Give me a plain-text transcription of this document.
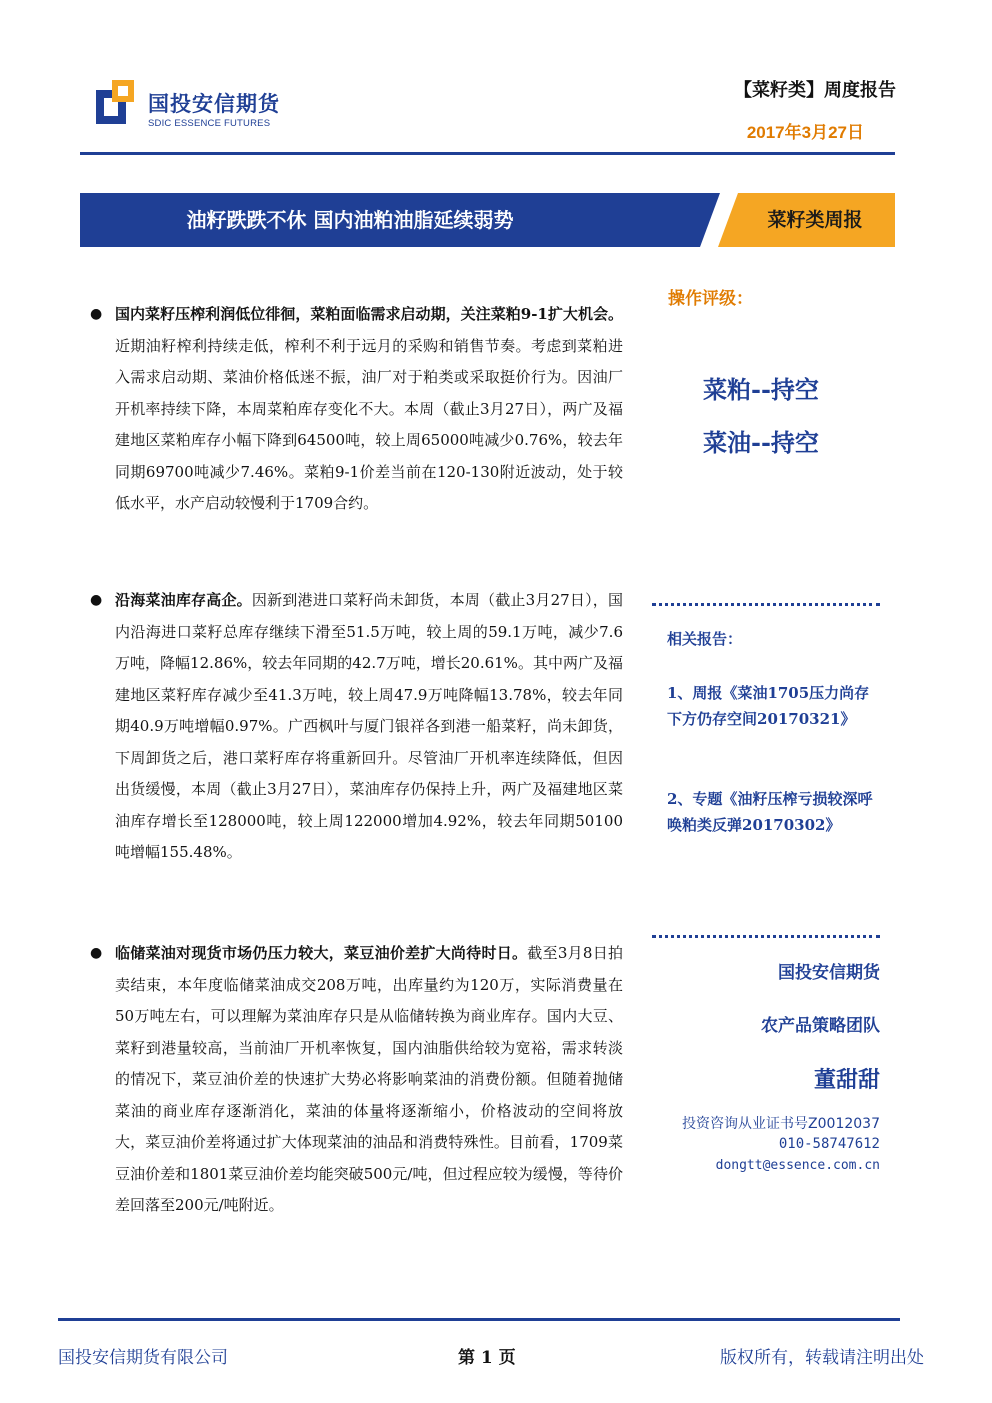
国投安信期货
SDIC ESSENCE FUTURES
【菜籽类】周度报告
2017年3月27日
油籽跌跌不休 国内油粕油脂延续弱势	菜籽类周报
● 国内菜籽压榨利润低位徘徊，菜粕面临需求启动期，关注菜粕9-1扩大机会。近期油籽榨利持续走低，榨利不利于远月的采购和销售节奏。考虑到菜粕进入需求启动期、菜油价格低迷不振，油厂对于粕类或采取挺价行为。因油厂开机率持续下降，本周菜粕库存变化不大。本周（截止3月27日），两广及福建地区菜粕库存小幅下降到64500吨，较上周65000吨减少0.76%，较去年同期69700吨减少7.46%。菜粕9-1价差当前在120-130附近波动，处于较低水平，水产启动较慢利于1709合约。
● 沿海菜油库存高企。因新到港进口菜籽尚未卸货，本周（截止3月27日），国内沿海进口菜籽总库存继续下滑至51.5万吨，较上周的59.1万吨，减少7.6万吨，降幅12.86%，较去年同期的42.7万吨，增长20.61%。其中两广及福建地区菜籽库存减少至41.3万吨，较上周47.9万吨降幅13.78%，较去年同期40.9万吨增幅0.97%。广西枫叶与厦门银祥各到港一船菜籽，尚未卸货，下周卸货之后，港口菜籽库存将重新回升。尽管油厂开机率连续降低，但因出货缓慢，本周（截止3月27日），菜油库存仍保持上升，两广及福建地区菜油库存增长至128000吨，较上周122000增加4.92%，较去年同期50100吨增幅155.48%。
● 临储菜油对现货市场仍压力较大，菜豆油价差扩大尚待时日。截至3月8日拍卖结束，本年度临储菜油成交208万吨，出库量约为120万，实际消费量在50万吨左右，可以理解为菜油库存只是从临储转换为商业库存。国内大豆、菜籽到港量较高，当前油厂开机率恢复，国内油脂供给较为宽裕，需求转淡的情况下，菜豆油价差的快速扩大势必将影响菜油的消费份额。但随着抛储菜油的商业库存逐渐消化，菜油的体量将逐渐缩小，价格波动的空间将放大，菜豆油价差将通过扩大体现菜油的油品和消费特殊性。目前看，1709菜豆油价差和1801菜豆油价差均能突破500元/吨，但过程应较为缓慢，等待价差回落至200元/吨附近。
操作评级：
菜粕--持空
菜油--持空
相关报告：
1、周报《菜油1705压力尚存 下方仍存空间20170321》
2、专题《油籽压榨亏损较深呼唤粕类反弹20170302》
国投安信期货
农产品策略团队
董甜甜
投资咨询从业证书号Z0012037
010-58747612
dongtt@essence.com.cn
国投安信期货有限公司	第 1 页	版权所有，转载请注明出处
